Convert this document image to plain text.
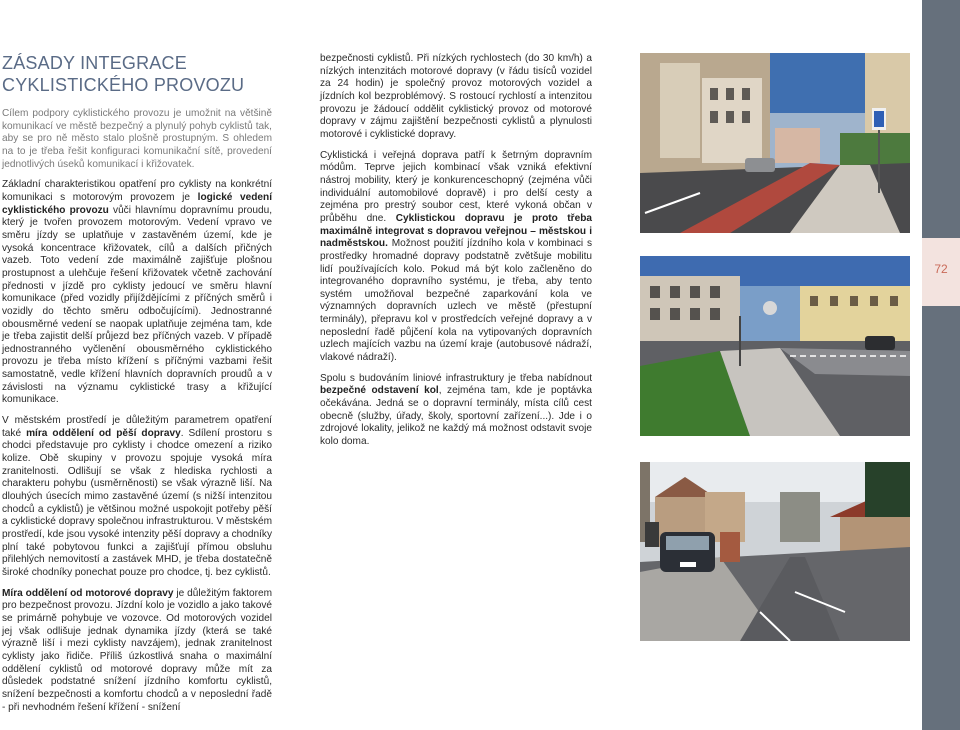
ZÁSADY INTEGRACE CYKLISTICKÉHO PROVOZU

Cílem podpory cyklistického provozu je umožnit na většině komunikací ve městě bezpečný a plynulý pohyb cyklistů tak, aby se pro ně město stalo plošně prostupným. S ohledem na to je třeba řešit konfiguraci komunikační sítě, provedení jednotlivých úseků komunikací i křižovatek.

Základní charakteristikou opatření pro cyklisty na konkrétní komunikaci s motorovým provozem je logické vedení cyklistického provozu vůči hlavnímu dopravnímu proudu, který je tvořen provozem motorovým. Vedení vpravo ve směru jízdy se uplatňuje v zastavěném území, kde je vysoká koncentrace křižovatek, cílů a dalších přičných vazeb. Toto vedení zde maximálně zajišťuje plošnou prostupnost a ulehčuje řešení křižovatek včetně zachování přednosti v jízdě pro cyklisty jedoucí ve směru hlavní komunikace (před vozidly přijíždějícími z příčných směrů i vozidly do těchto směru odbočujícími). Jednostranné obousměrné vedení se naopak uplatňuje zejména tam, kde je třeba zajistit delší průjezd bez příčných vazeb. V případě jednostranného vyčlenění obousměrného cyklistického provozu je třeba místo křížení s příčnými vazbami řešit samostatně, vedle křížení hlavních dopravních proudů a v závislosti na významu cyklistické trasy a křižující komunikace.

V městském prostředí je důležitým parametrem opatření také míra oddělení od pěší dopravy. Sdílení prostoru s chodci představuje pro cyklisty i chodce omezení a riziko kolize. Obě skupiny v provozu spojuje vysoká míra zranitelnosti. Odlišují se však z hlediska rychlosti a charakteru pohybu (usměrněnosti) se však výrazně liší. Na dlouhých úsecích mimo zastavěné území (s nižší intenzitou chodců a cyklistů) je většinou možné uspokojit potřeby pěší a cyklistické dopravy společnou infrastrukturou. V městském prostředí, kde jsou vysoké intenzity pěší dopravy a chodníky plní také pobytovou funkci a zajišťují přímou obsluhu přilehlých nemovitostí a zastávek MHD, je třeba dostatečně široké chodníky ponechat pouze pro chodce, tj. bez cyklistů.

Míra oddělení od motorové dopravy je důležitým faktorem pro bezpečnost provozu. Jízdní kolo je vozidlo a jako takové se primárně pohybuje ve vozovce. Od motorových vozidel jej však odlišuje jednak dynamika jízdy (která se také výrazně liší i mezi cyklisty navzájem), jednak zranitelnost cyklisty jako řidiče. Příliš úzkostlivá snaha o maximální oddělení cyklistů od motorové dopravy může mít za důsledek podstatné snížení jízdního komfortu cyklistů, snížení bezpečnosti a komfortu chodců a v neposlední řadě - při nevhodném řešení křížení - snížení

bezpečnosti cyklistů. Při nízkých rychlostech (do 30 km/h) a nízkých intenzitách motorové dopravy (v řádu tisíců vozidel za 24 hodin) je společný provoz motorových vozidel a jízdních kol bezproblémový. S rostoucí rychlostí a intenzitou provozu je žádoucí oddělit cyklistický provoz od motorové dopravy v zájmu zajištění bezpečnosti cyklistů a plynulosti motorové i cyklistické dopravy.

Cyklistická i veřejná doprava patří k šetrným dopravním módům. Teprve jejich kombinací však vzniká efektivní nástroj mobility, který je konkurenceschopný (zejména vůči individuální automobilové dopravě) i pro delší cesty a zejména pro prestrý soubor cest, které vykoná občan v průběhu dne. Cyklistickou dopravu je proto třeba maximálně integrovat s dopravou veřejnou – městskou i nadměstskou. Možnost použití jízdního kola v kombinaci s prostředky hromadné dopravy podstatně zvětšuje mobilitu lidí používajících kolo. Pokud má být kolo začleněno do integrovaného dopravního systému, je třeba, aby tento systém umožňoval bezpečné zaparkování kola ve významných dopravních uzlech ve městě (přestupní terminály), přepravu kol v prostředcích veřejné dopravy a v neposlední řadě půjčení kola na vytipovaných dopravních uzlech majících vazbu na území kraje (autobusové nádraží, vlakové nádraží).

Spolu s budováním liniové infrastruktury je třeba nabídnout bezpečné odstavení kol, zejména tam, kde je poptávka očekávána. Jedná se o dopravní terminály, místa cílů cest obecně (služby, úřady, školy, sportovní zařízení...). Jde i o zdrojové lokality, jelikož ne každý má možnost odstavit svoje kolo doma.

72
